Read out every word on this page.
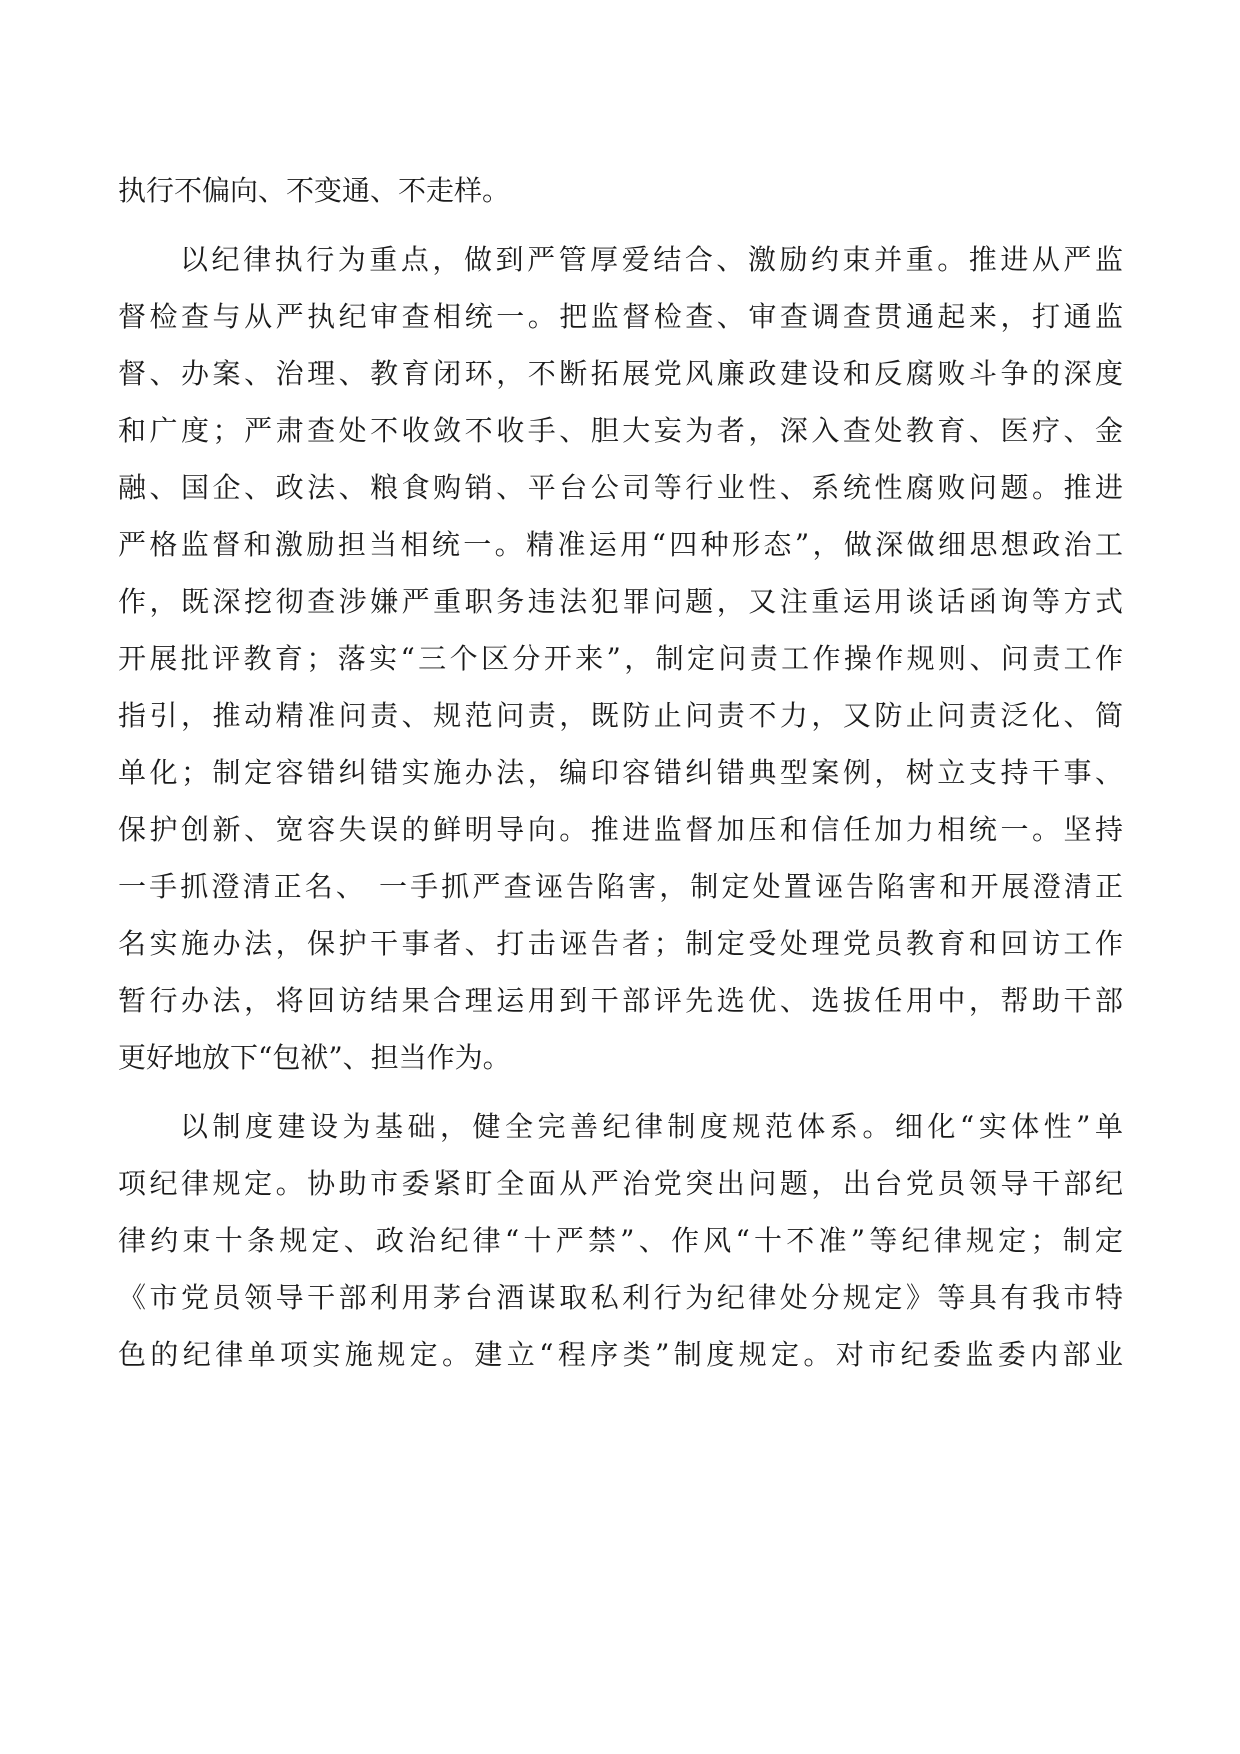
执行不偏向、不变通、不走样。
以纪律执行为重点，做到严管厚爱结合、激励约束并重。推进从严监
督检查与从严执纪审查相统一。把监督检查、审查调查贯通起来，打通监
督、办案、治理、教育闭环，不断拓展党风廉政建设和反腐败斗争的深度
和广度；严肃查处不收敛不收手、胆大妄为者，深入查处教育、医疗、金
融、国企、政法、粮食购销、平台公司等行业性、系统性腐败问题。推进
严格监督和激励担当相统一。精准运用“四种形态”，做深做细思想政治工
作，既深挖彻查涉嫌严重职务违法犯罪问题，又注重运用谈话函询等方式
开展批评教育；落实“三个区分开来”，制定问责工作操作规则、问责工作
指引，推动精准问责、规范问责，既防止问责不力，又防止问责泛化、简
单化；制定容错纠错实施办法，编印容错纠错典型案例，树立支持干事、
保护创新、宽容失误的鲜明导向。推进监督加压和信任加力相统一。坚持
一手抓澄清正名、 一手抓严查诬告陷害，制定处置诬告陷害和开展澄清正
名实施办法，保护干事者、打击诬告者；制定受处理党员教育和回访工作
暂行办法，将回访结果合理运用到干部评先选优、选拔任用中，帮助干部
更好地放下“包袱”、担当作为。
以制度建设为基础，健全完善纪律制度规范体系。细化“实体性”单
项纪律规定。协助市委紧盯全面从严治党突出问题，出台党员领导干部纪
律约束十条规定、政治纪律“十严禁”、作风“十不准”等纪律规定；制定
《市党员领导干部利用茅台酒谋取私利行为纪律处分规定》等具有我市特
色的纪律单项实施规定。建立“程序类”制度规定。对市纪委监委内部业
